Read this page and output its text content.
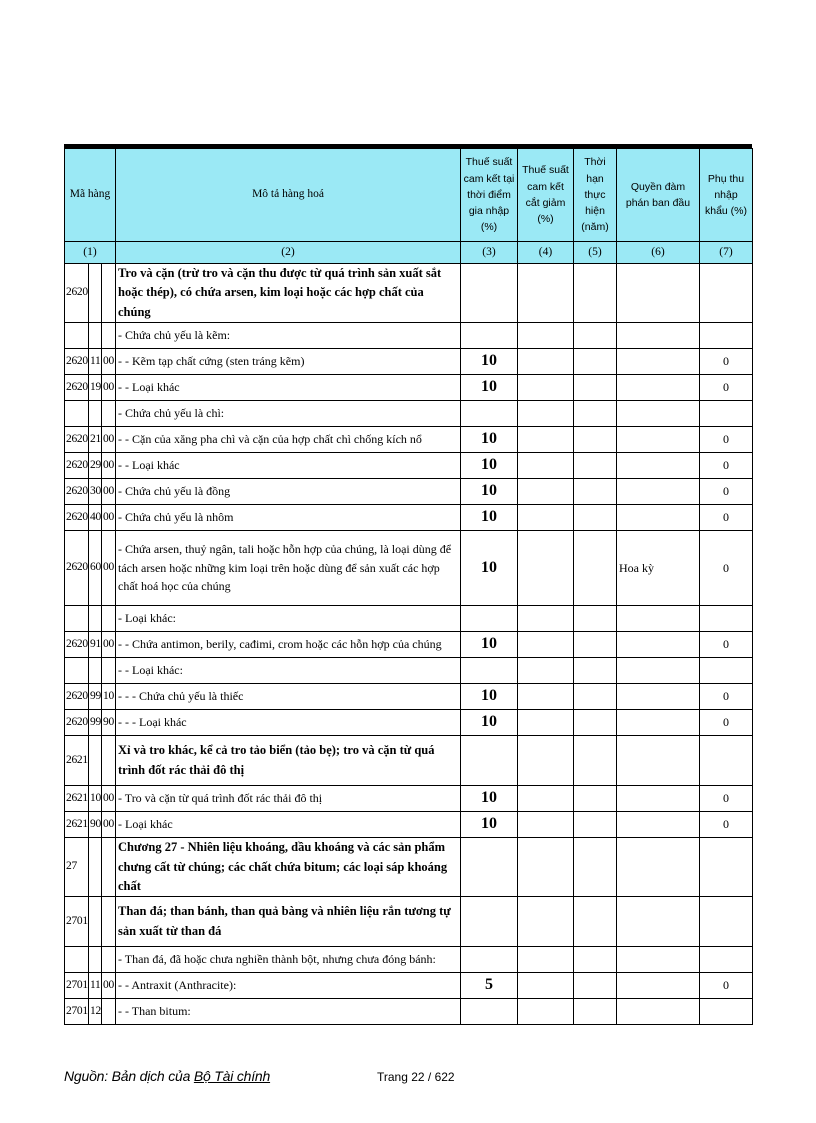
Mã hàng			Mô tả hàng hoá	Thuế suất cam kết tại thời điểm gia nhập (%)	Thuế suất cam kết cắt giảm (%)	Thời hạn thực hiện (năm)	Quyền đàm phán ban đầu	Phụ thu nhập khẩu (%)
(1)			(2)	(3)	(4)	(5)	(6)	(7)
2620			Tro và cặn (trừ tro và cặn thu được từ quá trình sản xuất sắt hoặc thép), có chứa arsen, kim loại hoặc các hợp chất của chúng					
			- Chứa chủ yếu là kẽm:					
2620	11	00	- - Kẽm tạp chất cứng (sten tráng kẽm)	10				0
2620	19	00	- - Loại khác	10				0
			- Chứa chủ yếu là chì:					
2620	21	00	- - Cặn của xăng pha chì và cặn của hợp chất chì chống kích nổ	10				0
2620	29	00	- - Loại khác	10				0
2620	30	00	- Chứa chủ yếu là đồng	10				0
2620	40	00	- Chứa chủ yếu là nhôm	10				0
2620	60	00	- Chứa arsen, thuỷ ngân, tali hoặc hỗn hợp của chúng, là loại dùng để tách arsen hoặc những kim loại trên hoặc dùng để sản xuất các hợp chất hoá học của chúng	10			Hoa kỳ	0
			- Loại khác:					
2620	91	00	- - Chứa antimon, berily, cađimi, crom hoặc các hỗn hợp của chúng	10				0
			- - Loại khác:					
2620	99	10	- - - Chứa chủ yếu là thiếc	10				0
2620	99	90	- - - Loại khác	10				0
2621			Xỉ và tro khác, kể cả tro tảo biển (tảo bẹ); tro và cặn từ quá trình đốt rác thải đô thị					
2621	10	00	- Tro và cặn từ quá trình đốt rác thải đô thị	10				0
2621	90	00	- Loại khác	10				0
27			Chương 27 - Nhiên liệu khoáng, dầu khoáng và các sản phẩm chưng cất từ chúng; các chất chứa bitum; các loại sáp khoáng chất					
2701			Than đá; than bánh, than quả bàng và nhiên liệu rắn tương tự sản xuất từ than đá					
			- Than đá, đã hoặc chưa nghiền thành bột, nhưng chưa đóng bánh:					
2701	11	00	- - Antraxit (Anthracite):	5				0
2701	12		- - Than bitum:					
Nguồn: Bản dịch của Bộ Tài chính	Trang 22 / 622
